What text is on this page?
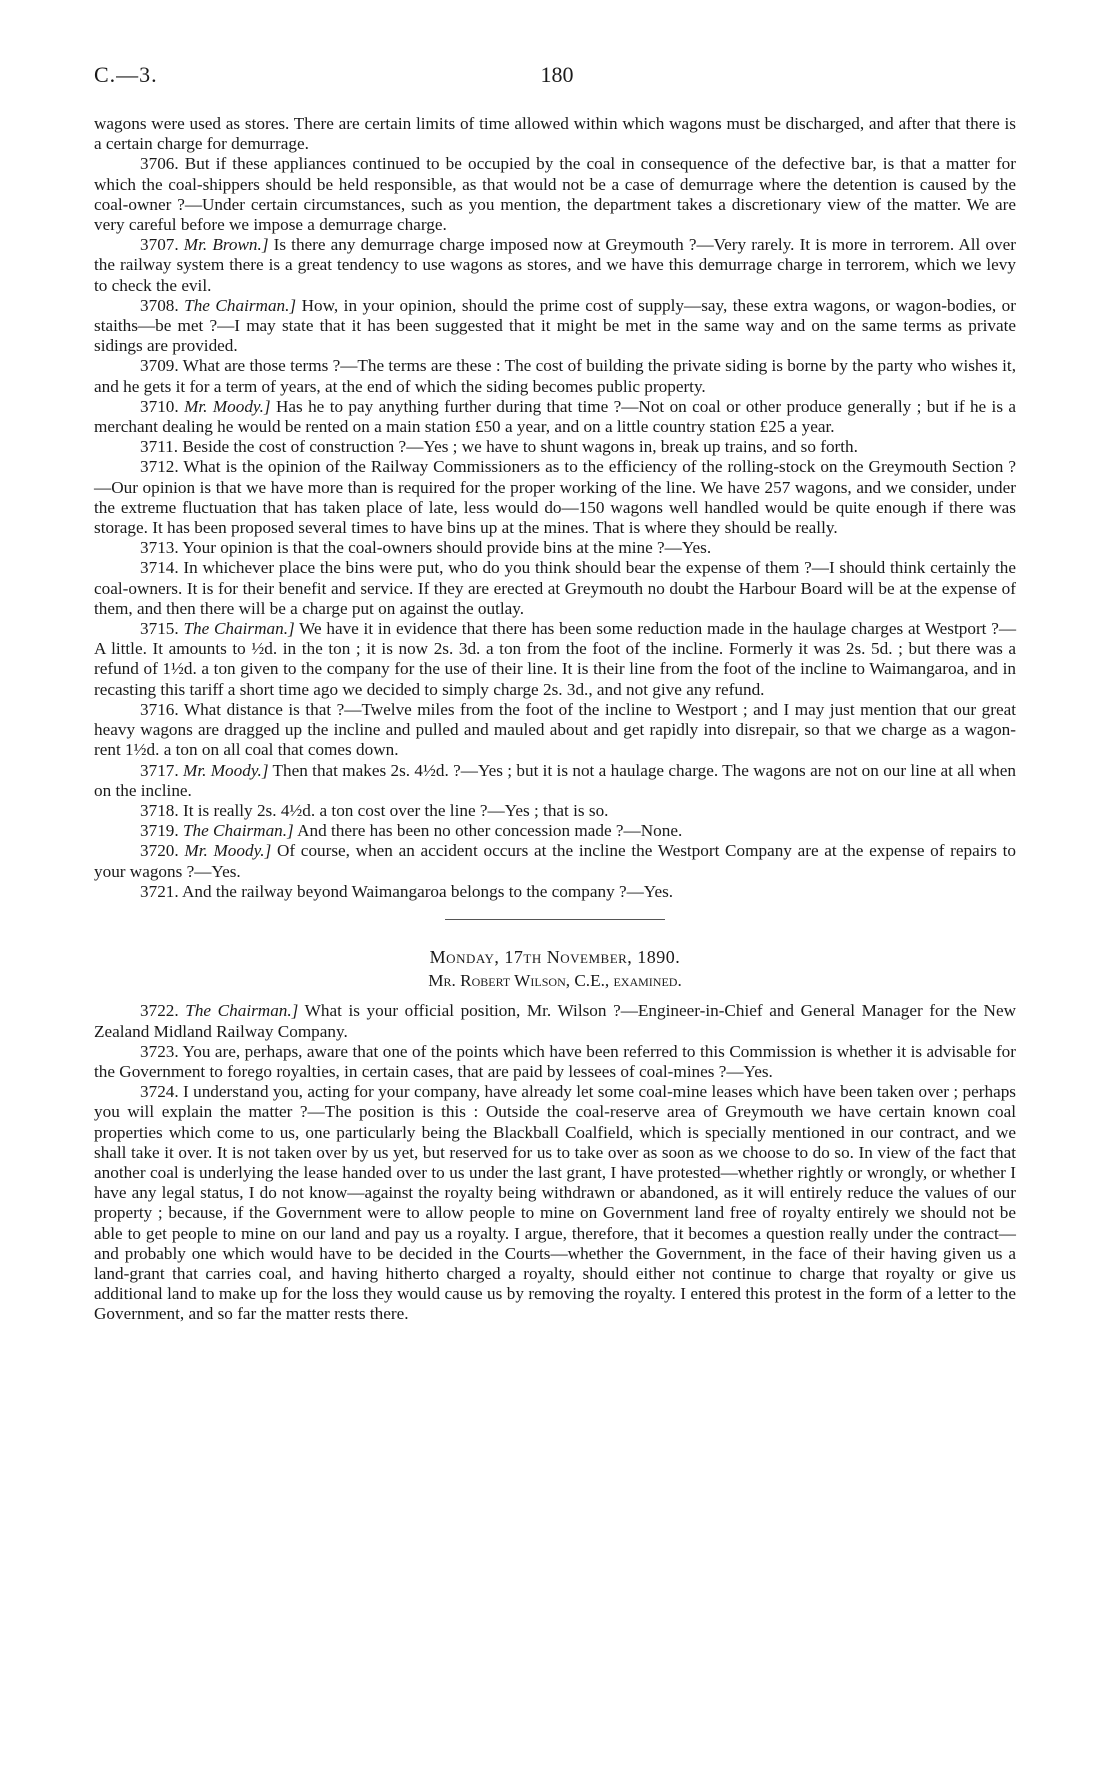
C.—3.	180

wagons were used as stores. There are certain limits of time allowed within which wagons must be discharged, and after that there is a certain charge for demurrage.

3706. But if these appliances continued to be occupied by the coal in consequence of the defective bar, is that a matter for which the coal-shippers should be held responsible, as that would not be a case of demurrage where the detention is caused by the coal-owner ?—Under certain circumstances, such as you mention, the department takes a discretionary view of the matter. We are very careful before we impose a demurrage charge.

3707. Mr. Brown.] Is there any demurrage charge imposed now at Greymouth ?—Very rarely. It is more in terrorem. All over the railway system there is a great tendency to use wagons as stores, and we have this demurrage charge in terrorem, which we levy to check the evil.

3708. The Chairman.] How, in your opinion, should the prime cost of supply—say, these extra wagons, or wagon-bodies, or staiths—be met ?—I may state that it has been suggested that it might be met in the same way and on the same terms as private sidings are provided.

3709. What are those terms ?—The terms are these : The cost of building the private siding is borne by the party who wishes it, and he gets it for a term of years, at the end of which the siding becomes public property.

3710. Mr. Moody.] Has he to pay anything further during that time ?—Not on coal or other produce generally ; but if he is a merchant dealing he would be rented on a main station £50 a year, and on a little country station £25 a year.

3711. Beside the cost of construction ?—Yes ; we have to shunt wagons in, break up trains, and so forth.

3712. What is the opinion of the Railway Commissioners as to the efficiency of the rolling-stock on the Greymouth Section ?—Our opinion is that we have more than is required for the proper working of the line. We have 257 wagons, and we consider, under the extreme fluctuation that has taken place of late, less would do—150 wagons well handled would be quite enough if there was storage. It has been proposed several times to have bins up at the mines. That is where they should be really.

3713. Your opinion is that the coal-owners should provide bins at the mine ?—Yes.

3714. In whichever place the bins were put, who do you think should bear the expense of them ?—I should think certainly the coal-owners. It is for their benefit and service. If they are erected at Greymouth no doubt the Harbour Board will be at the expense of them, and then there will be a charge put on against the outlay.

3715. The Chairman.] We have it in evidence that there has been some reduction made in the haulage charges at Westport ?—A little. It amounts to ½d. in the ton ; it is now 2s. 3d. a ton from the foot of the incline. Formerly it was 2s. 5d. ; but there was a refund of 1½d. a ton given to the company for the use of their line. It is their line from the foot of the incline to Waimangaroa, and in recasting this tariff a short time ago we decided to simply charge 2s. 3d., and not give any refund.

3716. What distance is that ?—Twelve miles from the foot of the incline to Westport ; and I may just mention that our great heavy wagons are dragged up the incline and pulled and mauled about and get rapidly into disrepair, so that we charge as a wagon-rent 1½d. a ton on all coal that comes down.

3717. Mr. Moody.] Then that makes 2s. 4½d. ?—Yes ; but it is not a haulage charge. The wagons are not on our line at all when on the incline.

3718. It is really 2s. 4½d. a ton cost over the line ?—Yes ; that is so.

3719. The Chairman.] And there has been no other concession made ?—None.

3720. Mr. Moody.] Of course, when an accident occurs at the incline the Westport Company are at the expense of repairs to your wagons ?—Yes.

3721. And the railway beyond Waimangaroa belongs to the company ?—Yes.

Monday, 17th November, 1890.

Mr. Robert Wilson, C.E., examined.

3722. The Chairman.] What is your official position, Mr. Wilson ?—Engineer-in-Chief and General Manager for the New Zealand Midland Railway Company.

3723. You are, perhaps, aware that one of the points which have been referred to this Commission is whether it is advisable for the Government to forego royalties, in certain cases, that are paid by lessees of coal-mines ?—Yes.

3724. I understand you, acting for your company, have already let some coal-mine leases which have been taken over ; perhaps you will explain the matter ?—The position is this : Outside the coal-reserve area of Greymouth we have certain known coal properties which come to us, one particularly being the Blackball Coalfield, which is specially mentioned in our contract, and we shall take it over. It is not taken over by us yet, but reserved for us to take over as soon as we choose to do so. In view of the fact that another coal is underlying the lease handed over to us under the last grant, I have protested—whether rightly or wrongly, or whether I have any legal status, I do not know—against the royalty being withdrawn or abandoned, as it will entirely reduce the values of our property ; because, if the Government were to allow people to mine on Government land free of royalty entirely we should not be able to get people to mine on our land and pay us a royalty. I argue, therefore, that it becomes a question really under the contract—and probably one which would have to be decided in the Courts—whether the Government, in the face of their having given us a land-grant that carries coal, and having hitherto charged a royalty, should either not continue to charge that royalty or give us additional land to make up for the loss they would cause us by removing the royalty. I entered this protest in the form of a letter to the Government, and so far the matter rests there.
